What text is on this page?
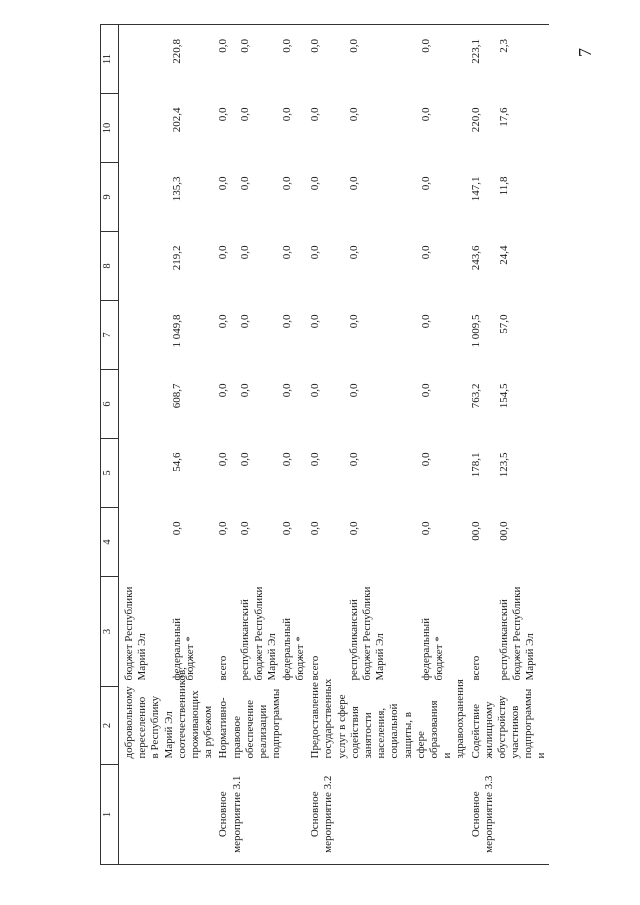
7
1	2	3	4	5	6	7	8	9	10	11
	добровольному переселению в Республику Марий Эл соотечественников, проживающих за рубежом	бюджет Республики Марий Эл								
		федеральный бюджет *	0,0	54,6	608,7	1 049,8	219,2	135,3	202,4	220,8
Основное мероприятие 3.1	Нормативно-правовое обеспечение реализации подпрограммы	всего	0,0	0,0	0,0	0,0	0,0	0,0	0,0	0,0
		республиканский бюджет Республики Марий Эл	0,0	0,0	0,0	0,0	0,0	0,0	0,0	0,0
		федеральный бюджет *	0,0	0,0	0,0	0,0	0,0	0,0	0,0	0,0
Основное мероприятие 3.2	Предоставление государственных услуг в сфере содействия занятости населения, социальной защиты, в сфере образования и здравоохранения	всего	0,0	0,0	0,0	0,0	0,0	0,0	0,0	0,0
		республиканский бюджет Республики Марий Эл	0,0	0,0	0,0	0,0	0,0	0,0	0,0	0,0
		федеральный бюджет *	0,0	0,0	0,0	0,0	0,0	0,0	0,0	0,0
Основное мероприятие 3.3	Содействие жилищному обустройству участников подпрограммы и	всего	00,0	178,1	763,2	1 009,5	243,6	147,1	220,0	223,1
		республиканский бюджет Республики Марий Эл	00,0	123,5	154,5	57,0	24,4	11,8	17,6	2,3
